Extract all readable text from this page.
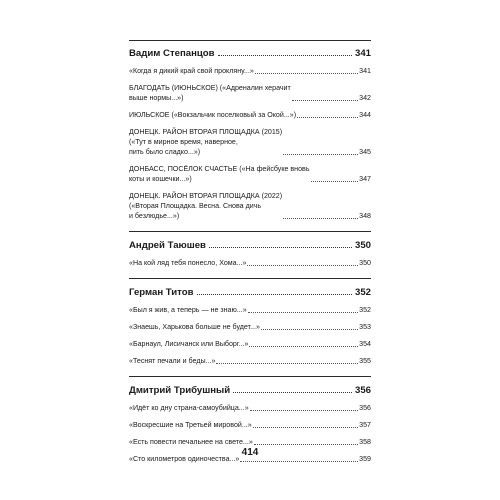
Вадим Степанцов	341
«Когда я дикий край свой прокляну...»	341
БЛАГОДАТЬ (ИЮНЬСКОЕ) («Адреналин херачит
выше нормы...»)	342
ИЮЛЬСКОЕ («Вокзальчик поселковый за Окой...»)	344
ДОНЕЦК. РАЙОН ВТОРАЯ ПЛОЩАДКА (2015)
(«Тут в мирное время, наверное,
пить было сладко...»)	345
ДОНБАСС, ПОСЁЛОК СЧАСТЬЕ («На фейсбуке вновь
коты и кошечки...»)	347
ДОНЕЦК. РАЙОН ВТОРАЯ ПЛОЩАДКА (2022)
(«Вторая Площадка. Весна. Снова дичь
и безлюдье...»)	348
Андрей Таюшев	350
«На кой ляд тебя понесло, Хома...»	350
Герман Титов	352
«Был я жив, а теперь — не знаю...»	352
«Знаешь, Харькова больше не будет...»	353
«Барнаул, Лисичанск или Выборг...»	354
«Теснят печали и беды...»	355
Дмитрий Трибушный	356
«Идёт ко дну страна-самоубийца...»	356
«Воскресшие на Третьей мировой...»	357
«Есть повести печальнее на свете...»	358
«Сто километров одиночества...»	359
414
